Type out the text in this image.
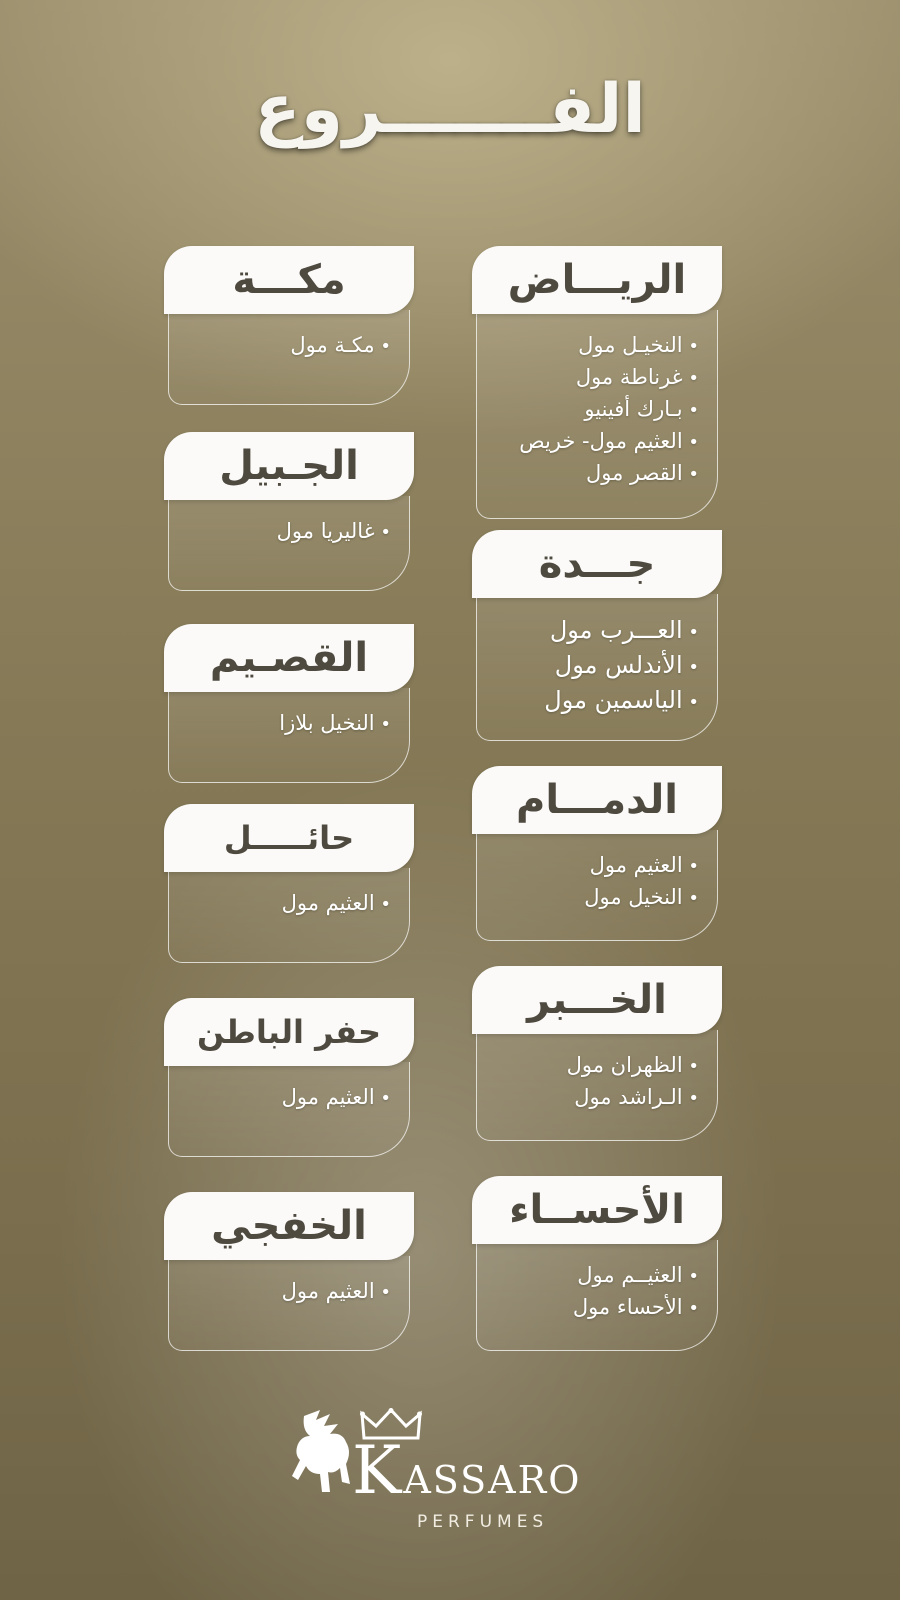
الفـــــــروع
الريـــاض
• النخيـل مول
• غرناطة مول
• بـارك أفينيو
• العثيم مول- خريص
• القصر مول
جـــدة
• العـــرب مول
• الأندلس مول
• الياسمين مول
الدمـــام
• العثيم مول
• النخيل مول
الخـــبر
• الظهران مول
• الـراشد مول
الأحســاء
• العثيــم مول
• الأحساء مول
مكـــة
• مكـة مول
الجـبيل
• غاليريا مول
القصـيم
• النخيل بلازا
حائـــــل
• العثيم مول
حفر الباطن
• العثيم مول
الخفجي
• العثيم مول
KASSARO
PERFUMES
